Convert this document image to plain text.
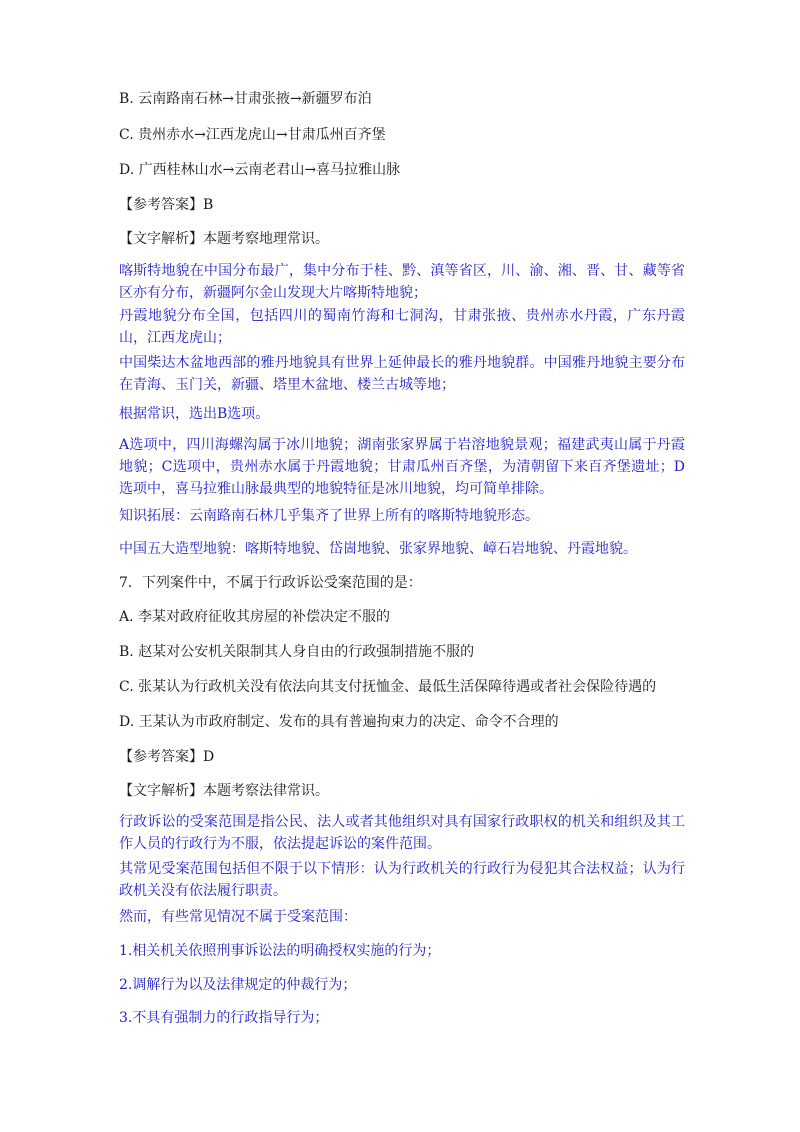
B. 云南路南石林→甘肃张掖→新疆罗布泊
C. 贵州赤水→江西龙虎山→甘肃瓜州百齐堡
D. 广西桂林山水→云南老君山→喜马拉雅山脉
【参考答案】B
【文字解析】本题考察地理常识。
喀斯特地貌在中国分布最广，集中分布于桂、黔、滇等省区，川、渝、湘、晋、甘、藏等省区亦有分布，新疆阿尔金山发现大片喀斯特地貌；
丹霞地貌分布全国，包括四川的蜀南竹海和七洞沟，甘肃张掖、贵州赤水丹霞，广东丹霞山，江西龙虎山；
中国柴达木盆地西部的雅丹地貌具有世界上延伸最长的雅丹地貌群。中国雅丹地貌主要分布在青海、玉门关，新疆、塔里木盆地、楼兰古城等地；
根据常识，选出B选项。
A选项中，四川海螺沟属于冰川地貌；湖南张家界属于岩溶地貌景观；福建武夷山属于丹霞地貌；C选项中，贵州赤水属于丹霞地貌；甘肃瓜州百齐堡，为清朝留下来百齐堡遗址；D选项中，喜马拉雅山脉最典型的地貌特征是冰川地貌，均可简单排除。
知识拓展：云南路南石林几乎集齐了世界上所有的喀斯特地貌形态。
中国五大造型地貌：喀斯特地貌、岱崮地貌、张家界地貌、嶂石岩地貌、丹霞地貌。
7．下列案件中，不属于行政诉讼受案范围的是：
A. 李某对政府征收其房屋的补偿决定不服的
B. 赵某对公安机关限制其人身自由的行政强制措施不服的
C. 张某认为行政机关没有依法向其支付抚恤金、最低生活保障待遇或者社会保险待遇的
D. 王某认为市政府制定、发布的具有普遍拘束力的决定、命令不合理的
【参考答案】D
【文字解析】本题考察法律常识。
行政诉讼的受案范围是指公民、法人或者其他组织对具有国家行政职权的机关和组织及其工作人员的行政行为不服，依法提起诉讼的案件范围。
其常见受案范围包括但不限于以下情形：认为行政机关的行政行为侵犯其合法权益；认为行政机关没有依法履行职责。
然而，有些常见情况不属于受案范围：
1.相关机关依照刑事诉讼法的明确授权实施的行为；
2.调解行为以及法律规定的仲裁行为；
3.不具有强制力的行政指导行为；
